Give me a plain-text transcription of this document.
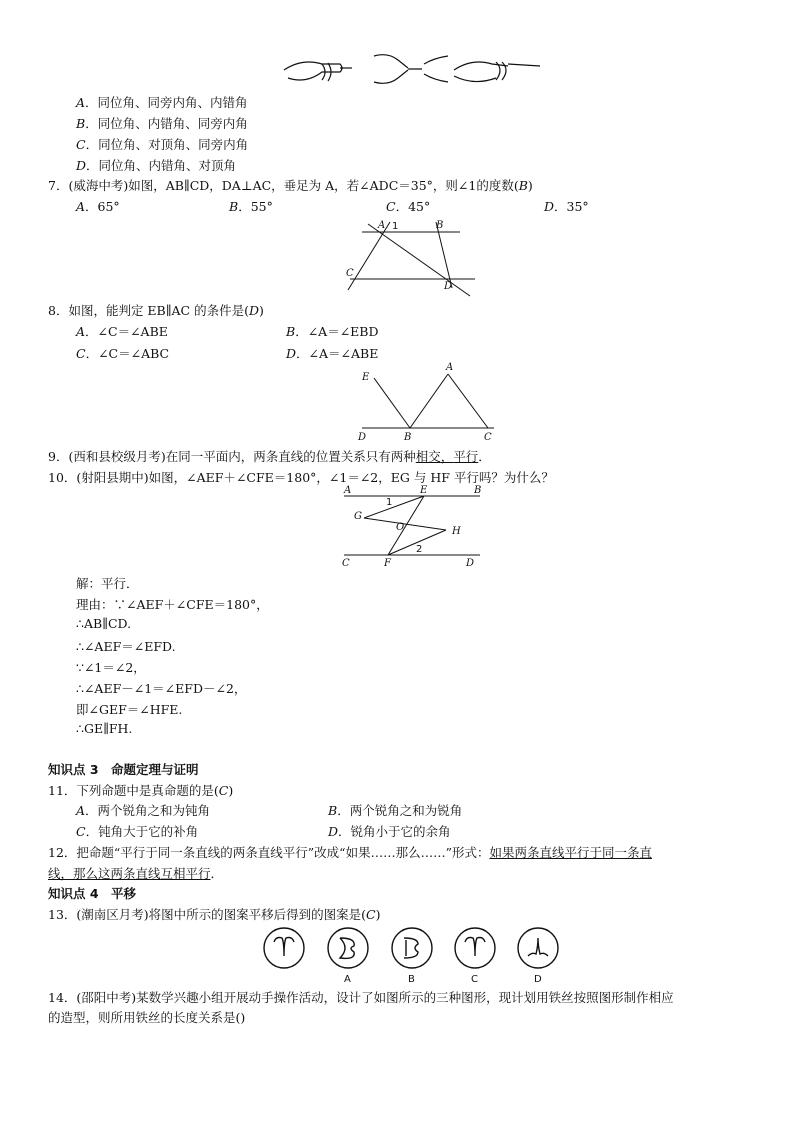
A．同位角、同旁内角、内错角
B．同位角、内错角、同旁内角
C．同位角、对顶角、同旁内角
D．同位角、内错角、对顶角
7．(威海中考)如图，AB∥CD，DA⊥AC，垂足为 A，若∠ADC＝35°，则∠1的度数(B)
A．65°	B．55°	C．45°	D．35°
A 1	B
C
D
8．如图，能判定 EB∥AC 的条件是(D)
A．∠C＝∠ABE	B．∠A＝∠EBD
C．∠C＝∠ABC	D．∠A＝∠ABE
E
A
D	B	C
9．(西和县校级月考)在同一平面内，两条直线的位置关系只有两种相交，平行．
10．(射阳县期中)如图，∠AEF＋∠CFE＝180°，∠1＝∠2，EG 与 HF 平行吗？为什么？
A	E	B
1
G
O	H
2
C	F	D
解：平行．
理由：∵∠AEF＋∠CFE＝180°，
∴AB∥CD.
∴∠AEF＝∠EFD.
∵∠1＝∠2，
∴∠AEF－∠1＝∠EFD－∠2，
即∠GEF＝∠HFE.
∴GE∥FH.
知识点 3　命题定理与证明
11．下列命题中是真命题的是(C)
A．两个锐角之和为钝角	B．两个锐角之和为锐角
C．钝角大于它的补角	D．锐角小于它的余角
12．把命题“平行于同一条直线的两条直线平行”改成“如果……那么……”形式：如果两条直线平行于同一条直
线，那么这两条直线互相平行．
知识点 4　平移
13．(潮南区月考)将图中所示的图案平移后得到的图案是(C)
A	B	C	D
14．(邵阳中考)某数学兴趣小组开展动手操作活动，设计了如图所示的三种图形，现计划用铁丝按照图形制作相应
的造型，则所用铁丝的长度关系是()
